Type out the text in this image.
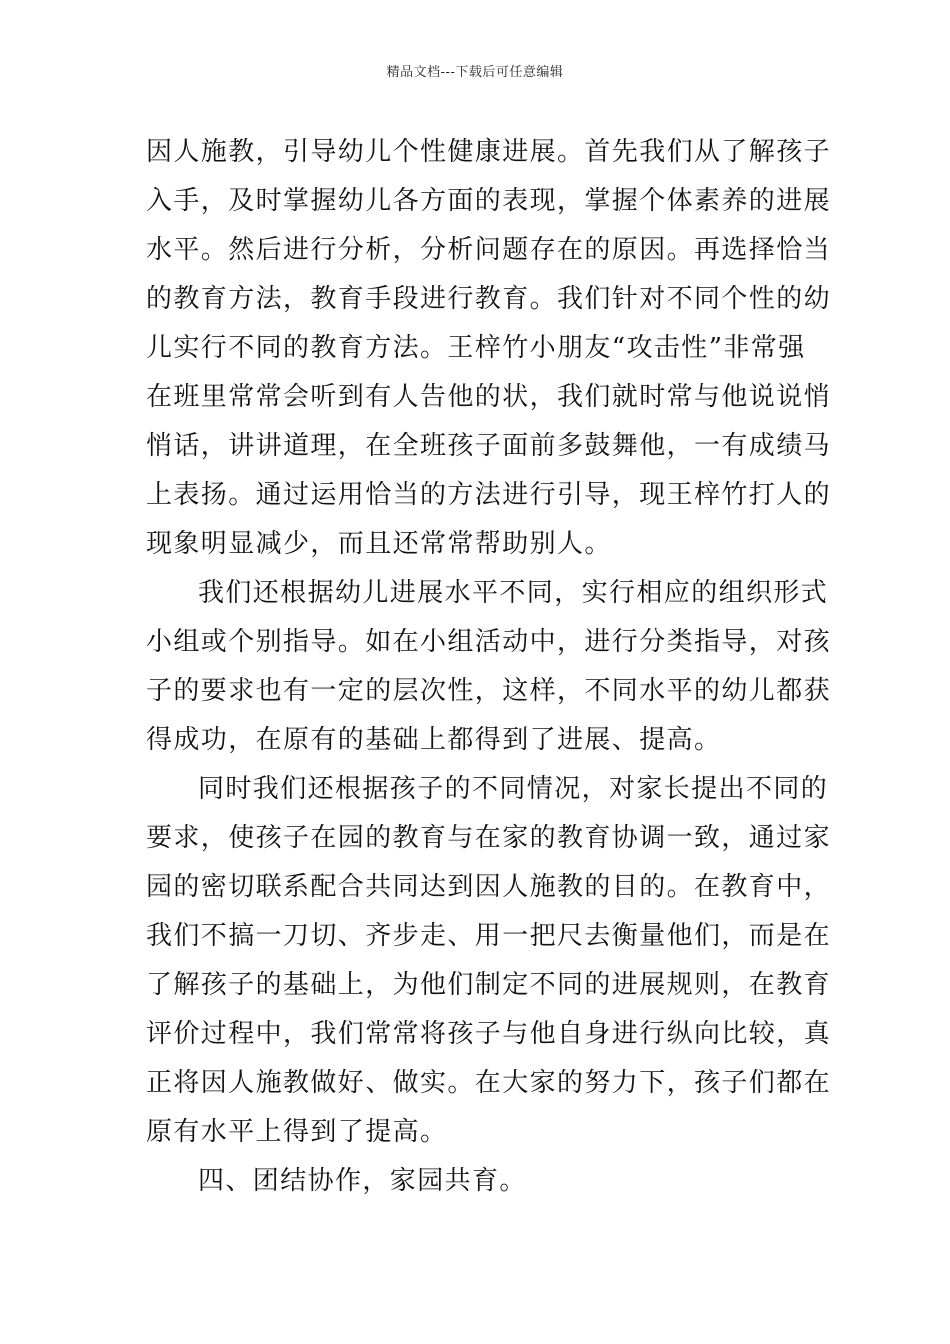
精品文档---下载后可任意编辑
因人施教，引导幼儿个性健康进展。首先我们从了解孩子
入手，及时掌握幼儿各方面的表现，掌握个体素养的进展
水平。然后进行分析，分析问题存在的原因。再选择恰当
的教育方法，教育手段进行教育。我们针对不同个性的幼
儿实行不同的教育方法。王梓竹小朋友“攻击性”非常强
在班里常常会听到有人告他的状，我们就时常与他说说悄
悄话，讲讲道理，在全班孩子面前多鼓舞他，一有成绩马
上表扬。通过运用恰当的方法进行引导，现王梓竹打人的
现象明显减少，而且还常常帮助别人。
我们还根据幼儿进展水平不同，实行相应的组织形式
小组或个别指导。如在小组活动中，进行分类指导，对孩
子的要求也有一定的层次性，这样，不同水平的幼儿都获
得成功，在原有的基础上都得到了进展、提高。
同时我们还根据孩子的不同情况，对家长提出不同的
要求，使孩子在园的教育与在家的教育协调一致，通过家
园的密切联系配合共同达到因人施教的目的。在教育中，
我们不搞一刀切、齐步走、用一把尺去衡量他们，而是在
了解孩子的基础上，为他们制定不同的进展规则，在教育
评价过程中，我们常常将孩子与他自身进行纵向比较，真
正将因人施教做好、做实。在大家的努力下，孩子们都在
原有水平上得到了提高。
四、团结协作，家园共育。
